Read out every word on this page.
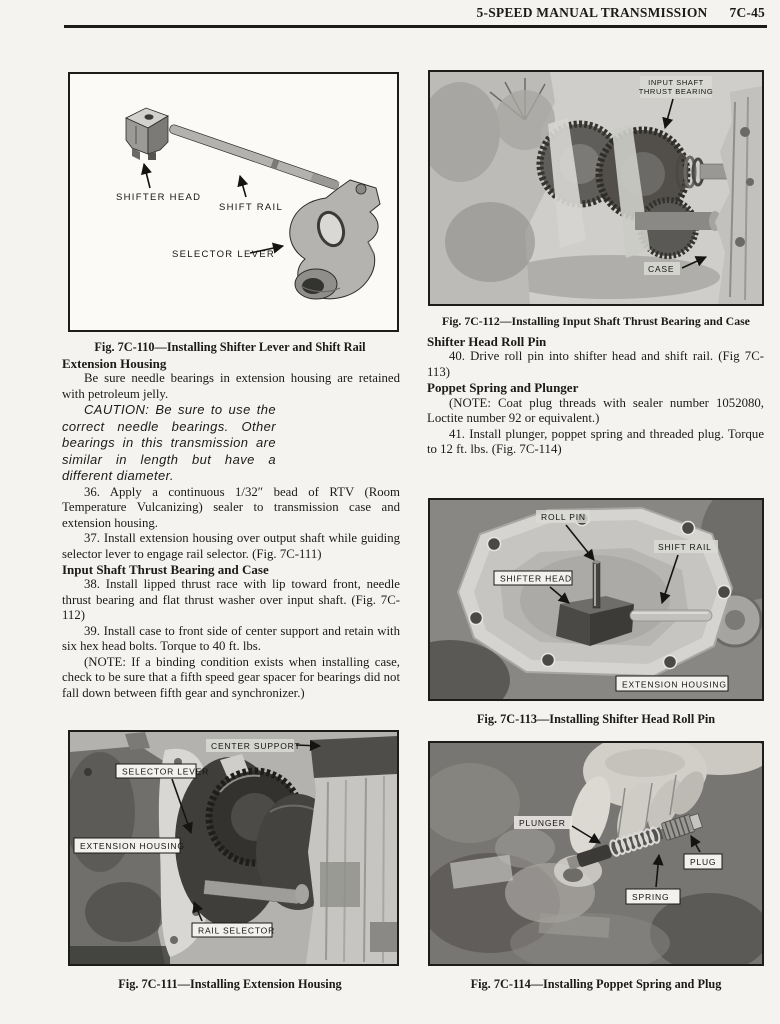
5-SPEED MANUAL TRANSMISSION 7C-45
SHIFTER HEAD
SHIFT RAIL
SELECTOR LEVER
Fig. 7C-110—Installing Shifter Lever and Shift Rail
Extension Housing

Be sure needle bearings in extension housing are retained with petroleum jelly.

CAUTION: Be sure to use the correct needle bearings. Other bearings in this transmission are similar in length but have a different diameter.

36. Apply a continuous 1/32″ bead of RTV (Room Temperature Vulcanizing) sealer to transmission case and extension housing.

37. Install extension housing over output shaft while guiding selector lever to engage rail selector. (Fig. 7C-111)

Input Shaft Thrust Bearing and Case

38. Install lipped thrust race with lip toward front, needle thrust bearing and flat thrust washer over input shaft. (Fig. 7C-112)

39. Install case to front side of center support and retain with six hex head bolts. Torque to 40 ft. lbs.

(NOTE: If a binding condition exists when installing case, check to be sure that a fifth speed gear spacer for bearings did not fall down between fifth gear and synchronizer.)

CENTER SUPPORT
SELECTOR LEVER
EXTENSION HOUSING
RAIL SELECTOR
Fig. 7C-111—Installing Extension Housing
INPUT SHAFT
THRUST BEARING
CASE
Fig. 7C-112—Installing Input Shaft Thrust Bearing and Case
Shifter Head Roll Pin

40. Drive roll pin into shifter head and shift rail. (Fig 7C-113)

Poppet Spring and Plunger

(NOTE: Coat plug threads with sealer number 1052080, Loctite number 92 or equivalent.)

41. Install plunger, poppet spring and threaded plug. Torque to 12 ft. lbs. (Fig. 7C-114)

ROLL PIN
SHIFT RAIL
SHIFTER HEAD
EXTENSION HOUSING
Fig. 7C-113—Installing Shifter Head Roll Pin
PLUNGER
PLUG
SPRING
Fig. 7C-114—Installing Poppet Spring and Plug
